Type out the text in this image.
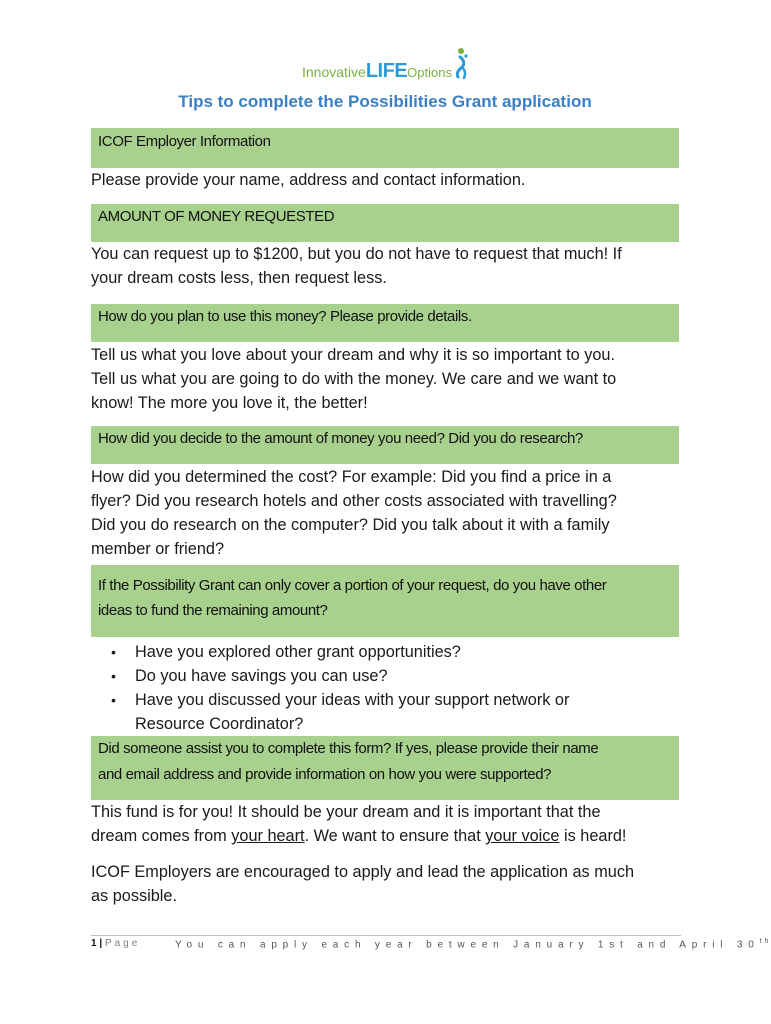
InnovativeLIFEOptions
Tips to complete the Possibilities Grant application
ICOF Employer Information
Please provide your name, address and contact information.
AMOUNT OF MONEY REQUESTED
You can request up to $1200, but you do not have to request that much! If
your dream costs less, then request less.
How do you plan to use this money? Please provide details.
Tell us what you love about your dream and why it is so important to you.
Tell us what you are going to do with the money. We care and we want to
know! The more you love it, the better!
How did you decide to the amount of money you need? Did you do research?
How did you determined the cost? For example: Did you find a price in a
flyer? Did you research hotels and other costs associated with travelling?
Did you do research on the computer? Did you talk about it with a family
member or friend?
If the Possibility Grant can only cover a portion of your request, do you have other
ideas to fund the remaining amount?
• Have you explored other grant opportunities?
• Do you have savings you can use?
• Have you discussed your ideas with your support network or
Resource Coordinator?
Did someone assist you to complete this form? If yes, please provide their name
and email address and provide information on how you were supported?
This fund is for you! It should be your dream and it is important that the
dream comes from your heart. We want to ensure that your voice is heard!
ICOF Employers are encouraged to apply and lead the application as much
as possible.
1 | Page	You can apply each year between January 1st and April 30th
